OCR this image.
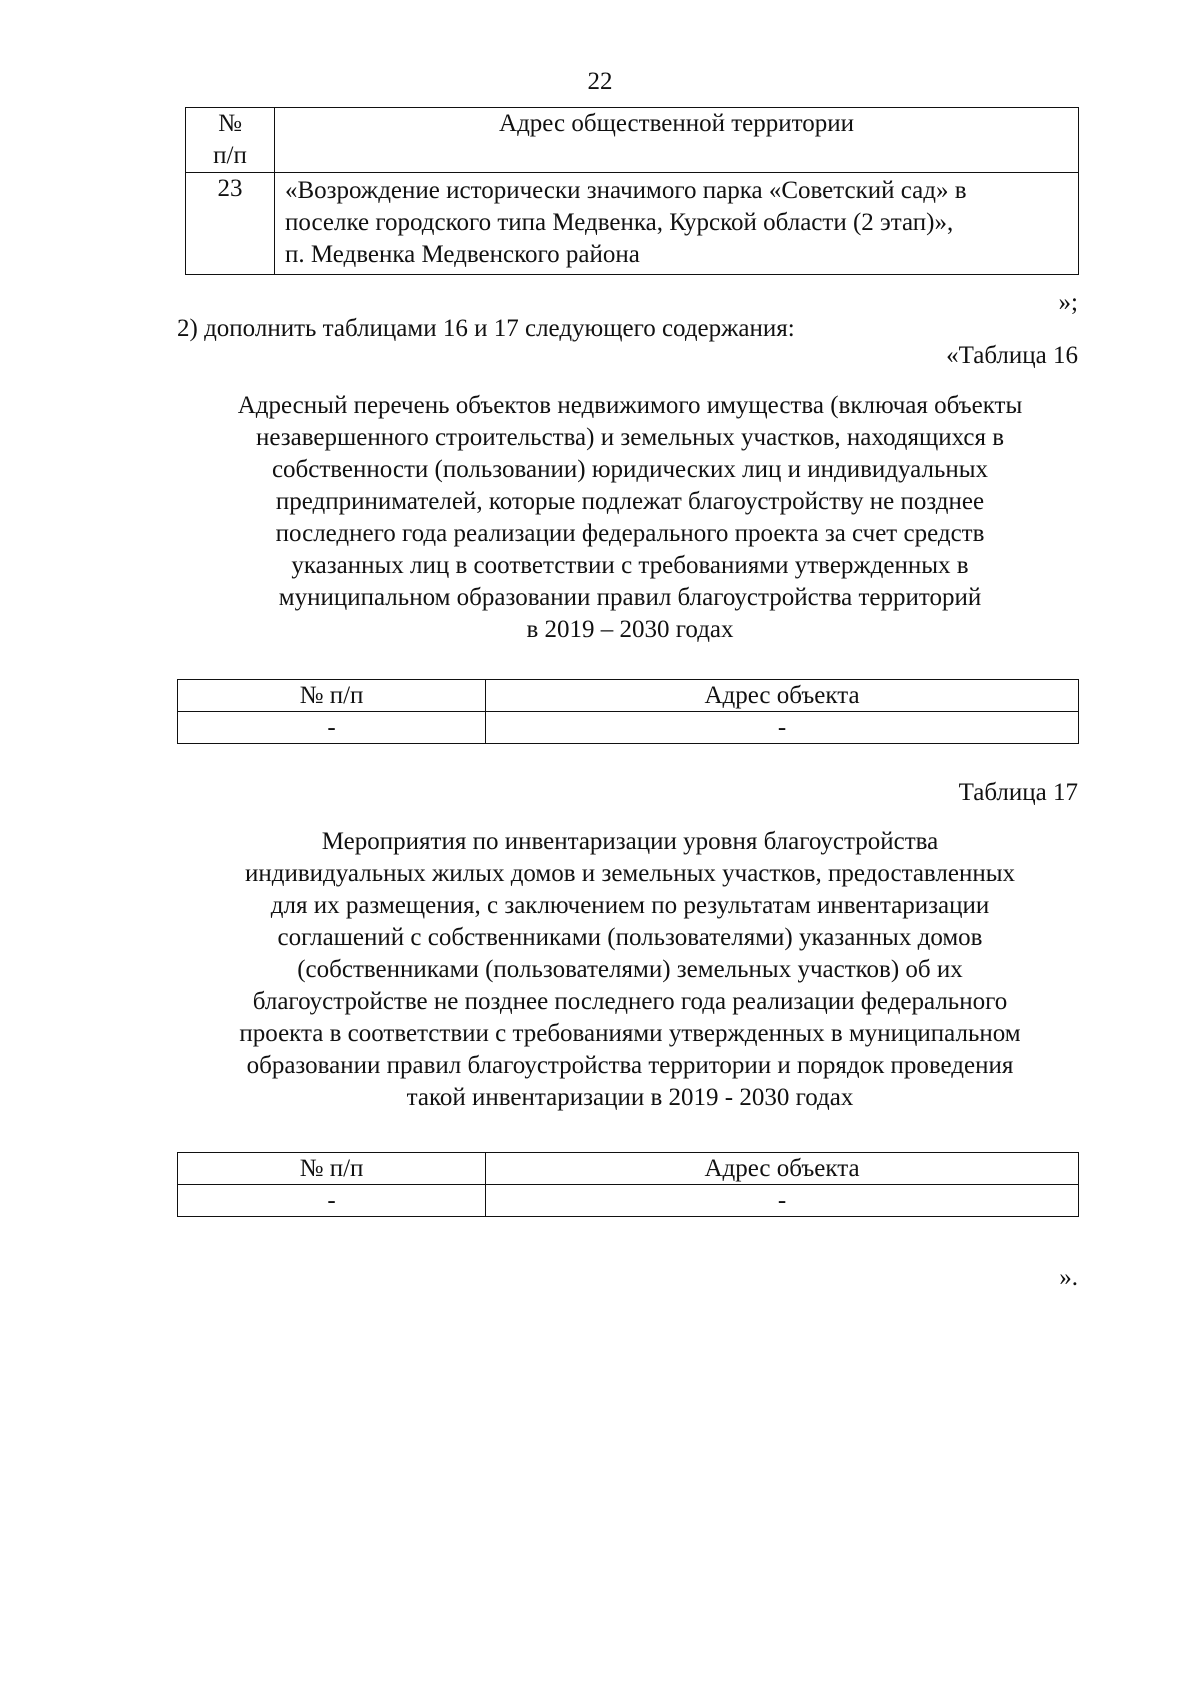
22
№
п/п	Адрес общественной территории
23	«Возрождение исторически значимого парка «Советский сад» в
поселке городского типа Медвенка, Курской области (2 этап)»,
п. Медвенка Медвенского района
»;
2) дополнить таблицами 16 и 17 следующего содержания:
«Таблица 16
Адресный перечень объектов недвижимого имущества (включая объекты
незавершенного строительства) и земельных участков, находящихся в
собственности (пользовании) юридических лиц и индивидуальных
предпринимателей, которые подлежат благоустройству не позднее
последнего года реализации федерального проекта за счет средств
указанных лиц в соответствии с требованиями утвержденных в
муниципальном образовании правил благоустройства территорий
в 2019 – 2030 годах
№ п/п	Адрес объекта
-	-
Таблица 17
Мероприятия по инвентаризации уровня благоустройства
индивидуальных жилых домов и земельных участков, предоставленных
для их размещения, с заключением по результатам инвентаризации
соглашений с собственниками (пользователями) указанных домов
(собственниками (пользователями) земельных участков) об их
благоустройстве не позднее последнего года реализации федерального
проекта в соответствии с требованиями утвержденных в муниципальном
образовании правил благоустройства территории и порядок проведения
такой инвентаризации в 2019 - 2030 годах
№ п/п	Адрес объекта
-	-
».
